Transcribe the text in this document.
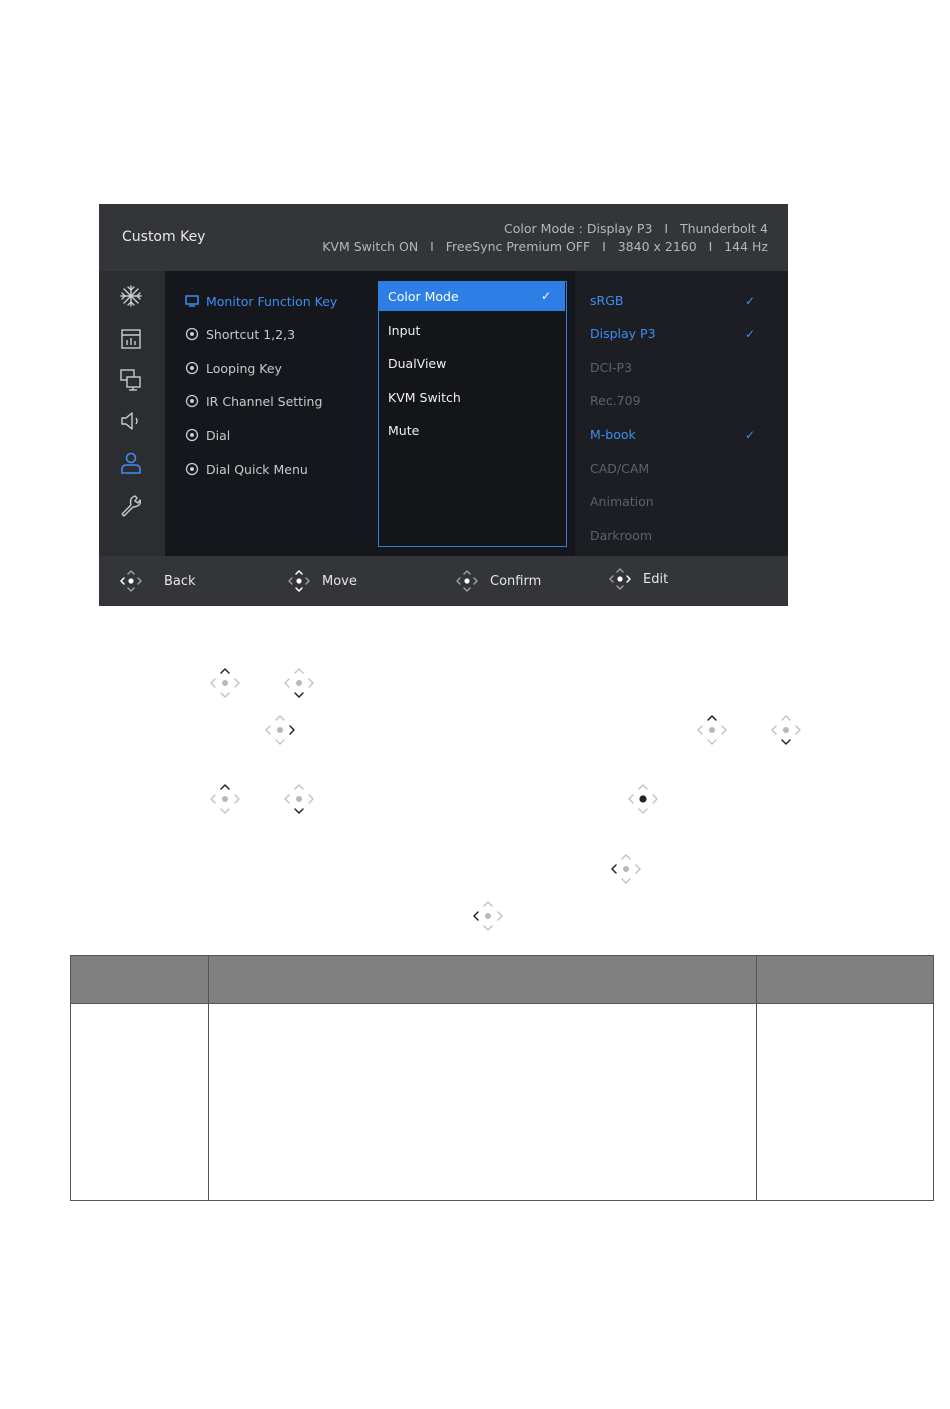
Custom Key
Color Mode : Display P3   I   Thunderbolt 4
KVM Switch ON   I   FreeSync Premium OFF   I   3840 x 2160   I   144 Hz
Monitor Function Key
Shortcut 1,2,3
Looping Key
IR Channel Setting
Dial
Dial Quick Menu
Color Mode	✓
Input
DualView
KVM Switch
Mute
sRGB	✓
Display P3	✓
DCI-P3
Rec.709
M-book	✓
CAD/CAM
Animation
Darkroom
Back	Move	Confirm	Edit
